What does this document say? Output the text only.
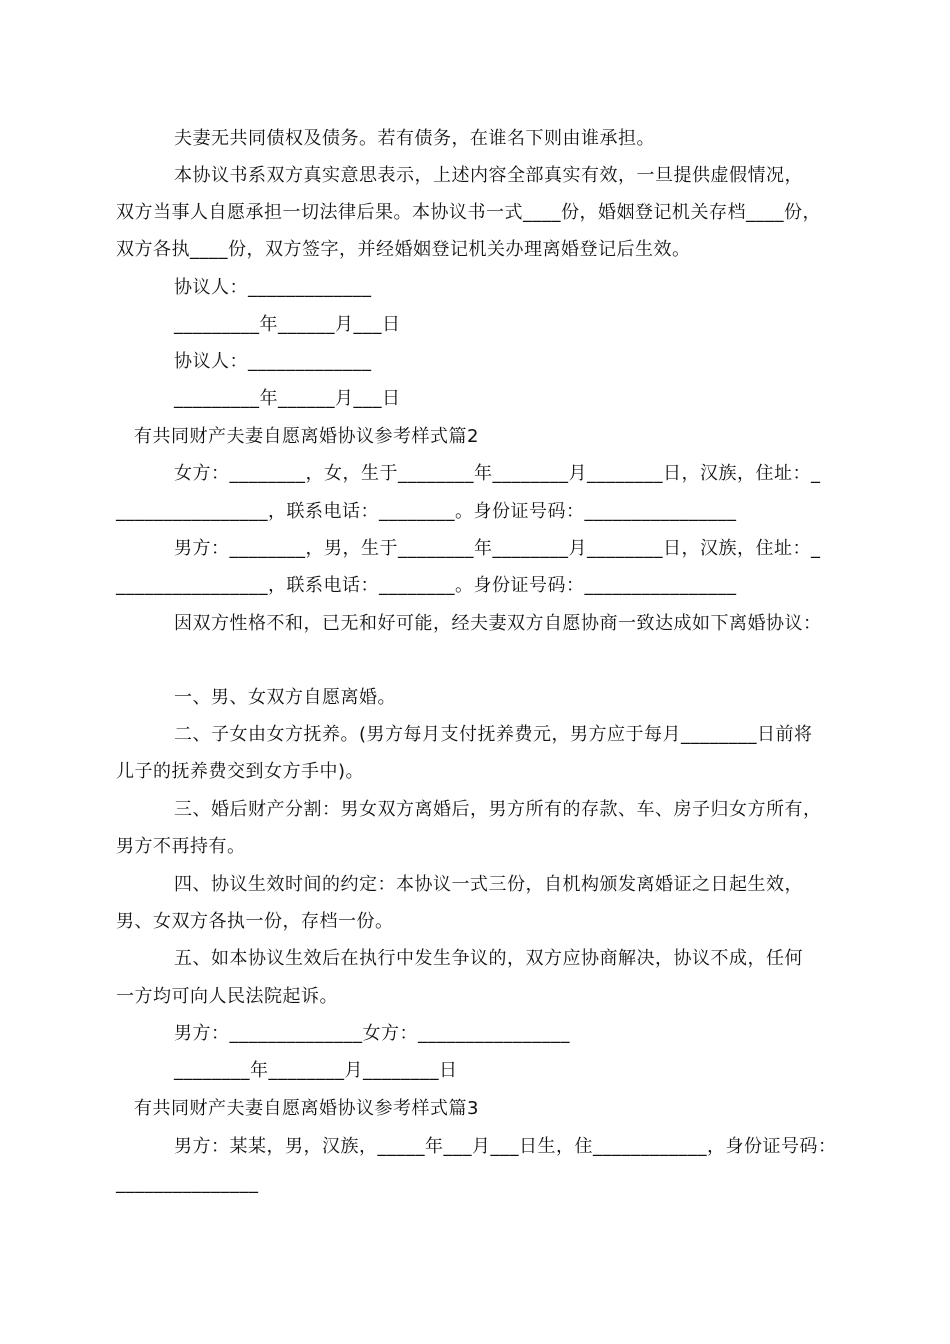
夫妻无共同债权及债务。若有债务，在谁名下则由谁承担。
本协议书系双方真实意思表示，上述内容全部真实有效，一旦提供虚假情况，
双方当事人自愿承担一切法律后果。本协议书一式____份，婚姻登记机关存档____份，
双方各执____份，双方签字，并经婚姻登记机关办理离婚登记后生效。
协议人：_____________
_________年______月___日
协议人：_____________
_________年______月___日
有共同财产夫妻自愿离婚协议参考样式篇2
女方：________，女，生于________年________月________日，汉族，住址：_
________________，联系电话：________。身份证号码：________________
男方：________，男，生于________年________月________日，汉族，住址：_
________________，联系电话：________。身份证号码：________________
因双方性格不和，已无和好可能，经夫妻双方自愿协商一致达成如下离婚协议：
一、男、女双方自愿离婚。
二、子女由女方抚养。(男方每月支付抚养费元，男方应于每月________日前将
儿子的抚养费交到女方手中)。
三、婚后财产分割：男女双方离婚后，男方所有的存款、车、房子归女方所有，
男方不再持有。
四、协议生效时间的约定：本协议一式三份，自机构颁发离婚证之日起生效，
男、女双方各执一份，存档一份。
五、如本协议生效后在执行中发生争议的，双方应协商解决，协议不成，任何
一方均可向人民法院起诉。
男方：______________女方：________________
________年________月________日
有共同财产夫妻自愿离婚协议参考样式篇3
男方：某某，男，汉族，_____年___月___日生，住____________，身份证号码：
_______________
